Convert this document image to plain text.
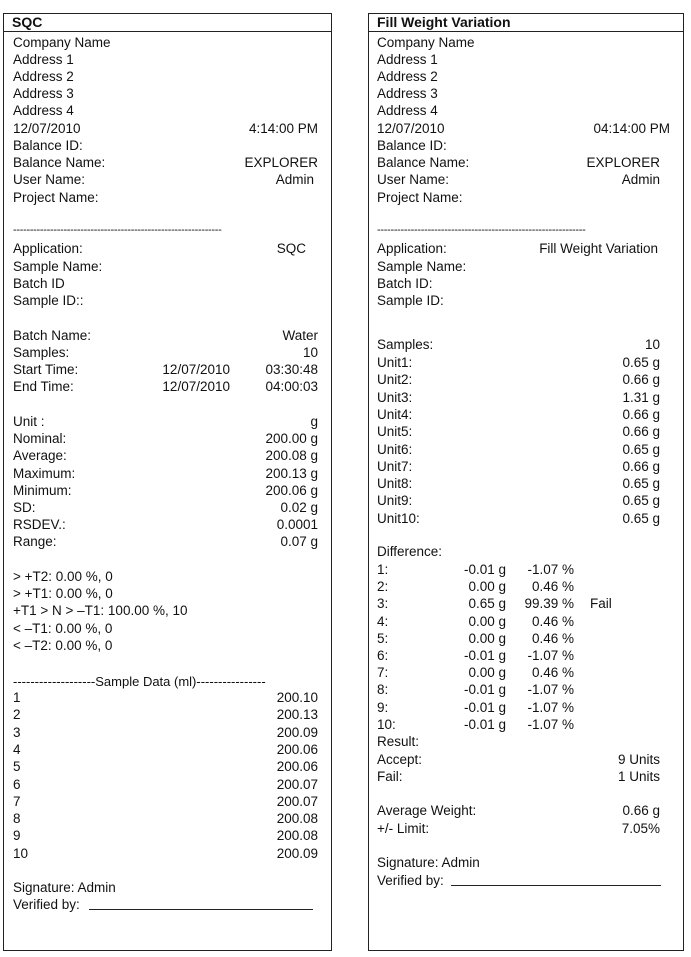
SQC
Company Name
Address 1
Address 2
Address 3
Address 4
12/07/2010	4:14:00 PM
Balance ID:
Balance Name:	EXPLORER
User Name:	Admin
Project Name:
--------------------------------------------------------------
Application:	SQC
Sample Name:
Batch ID
Sample ID::
Batch Name:	Water
Samples:	10
Start Time:	12/07/2010	03:30:48
End Time:	12/07/2010	04:00:03
Unit :	g
Nominal:	200.00 g
Average:	200.08 g
Maximum:	200.13 g
Minimum:	200.06 g
SD:	0.02 g
RSDEV.:	0.0001
Range:	0.07 g
> +T2: 0.00 %, 0
> +T1: 0.00 %, 0
+T1 > N > –T1: 100.00 %, 10
< –T1: 0.00 %, 0
< –T2: 0.00 %, 0
-------------------Sample Data (ml)----------------
1	200.10
2	200.13
3	200.09
4	200.06
5	200.06
6	200.07
7	200.07
8	200.08
9	200.08
10	200.09
Signature: Admin
Verified by:
Fill Weight Variation
Company Name
Address 1
Address 2
Address 3
Address 4
12/07/2010	04:14:00 PM
Balance ID:
Balance Name:	EXPLORER
User Name:	Admin
Project Name:
--------------------------------------------------------------
Application:	Fill Weight Variation
Sample Name:
Batch ID:
Sample ID:
Samples:	10
Unit1:	0.65 g
Unit2:	0.66 g
Unit3:	1.31 g
Unit4:	0.66 g
Unit5:	0.66 g
Unit6:	0.65 g
Unit7:	0.66 g
Unit8:	0.65 g
Unit9:	0.65 g
Unit10:	0.65 g
Difference:
1:	-0.01 g -1.07 %
2:	0.00 g 0.46 %
3:	0.65 g 99.39 % Fail
4:	0.00 g 0.46 %
5:	0.00 g 0.46 %
6:	-0.01 g -1.07 %
7:	0.00 g 0.46 %
8:	-0.01 g -1.07 %
9:	-0.01 g -1.07 %
10:	-0.01 g -1.07 %
Result:
Accept:	9 Units
Fail:	1 Units
Average Weight:	0.66 g
+/- Limit:	7.05%
Signature: Admin
Verified by:
